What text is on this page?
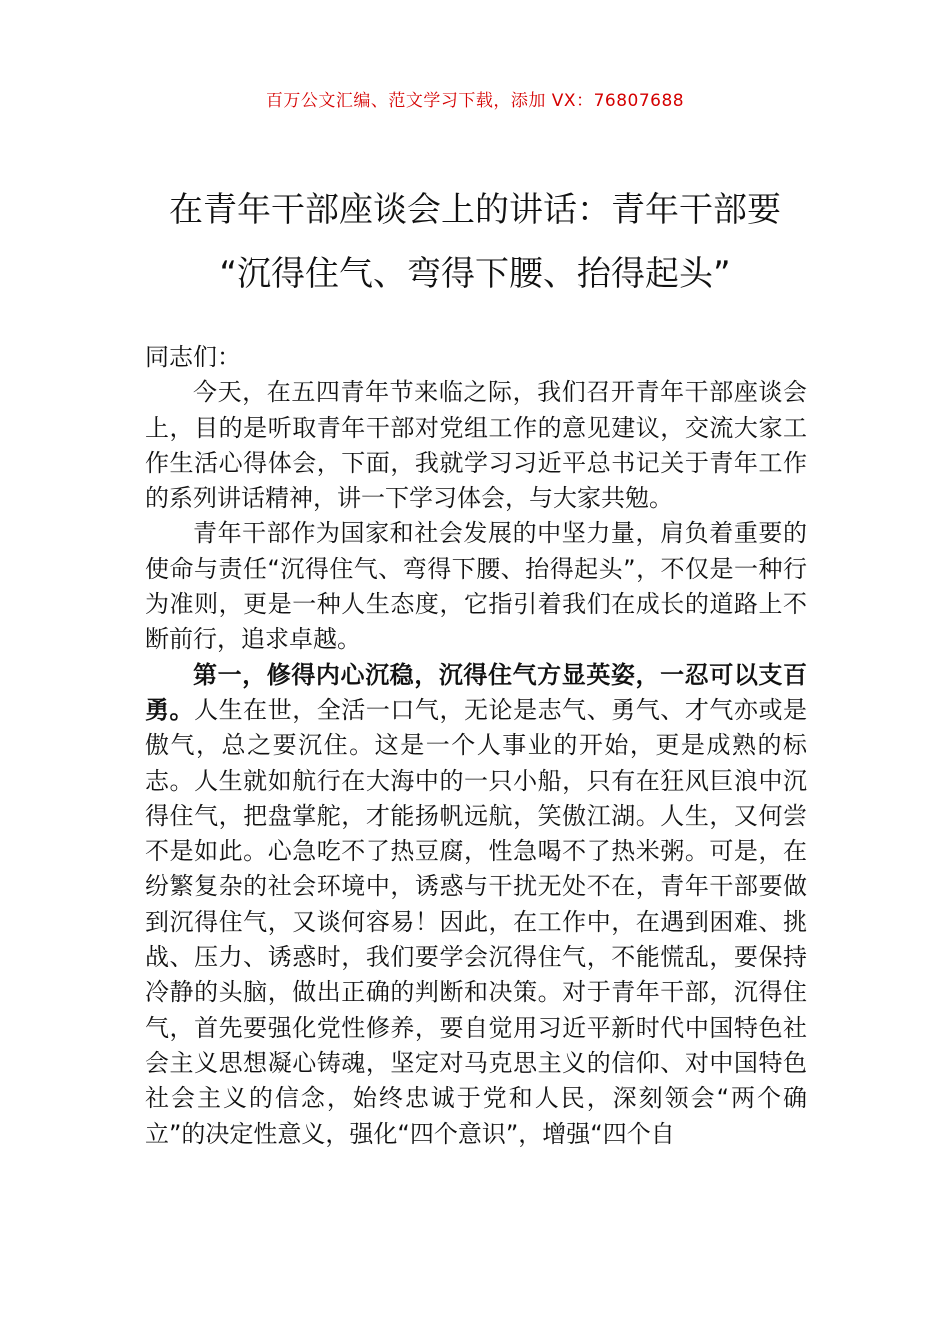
百万公文汇编、范文学习下载，添加 VX：76807688
在青年干部座谈会上的讲话：青年干部要
“沉得住气、弯得下腰、抬得起头”

同志们：

今天，在五四青年节来临之际，我们召开青年干部座谈会上，目的是听取青年干部对党组工作的意见建议，交流大家工作生活心得体会，下面，我就学习习近平总书记关于青年工作的系列讲话精神，讲一下学习体会，与大家共勉。

青年干部作为国家和社会发展的中坚力量，肩负着重要的使命与责任“沉得住气、弯得下腰、抬得起头”，不仅是一种行为准则，更是一种人生态度，它指引着我们在成长的道路上不断前行，追求卓越。

第一，修得内心沉稳，沉得住气方显英姿，一忍可以支百勇。人生在世，全活一口气，无论是志气、勇气、才气亦或是傲气，总之要沉住。这是一个人事业的开始，更是成熟的标志。人生就如航行在大海中的一只小船，只有在狂风巨浪中沉得住气，把盘掌舵，才能扬帆远航，笑傲江湖。人生，又何尝不是如此。心急吃不了热豆腐，性急喝不了热米粥。可是，在纷繁复杂的社会环境中，诱惑与干扰无处不在，青年干部要做到沉得住气，又谈何容易！因此，在工作中，在遇到困难、挑战、压力、诱惑时，我们要学会沉得住气，不能慌乱，要保持冷静的头脑，做出正确的判断和决策。对于青年干部，沉得住气，首先要强化党性修养，要自觉用习近平新时代中国特色社会主义思想凝心铸魂，坚定对马克思主义的信仰、对中国特色社会主义的信念，始终忠诚于党和人民，深刻领会“两个确立”的决定性意义，强化“四个意识”，增强“四个自
